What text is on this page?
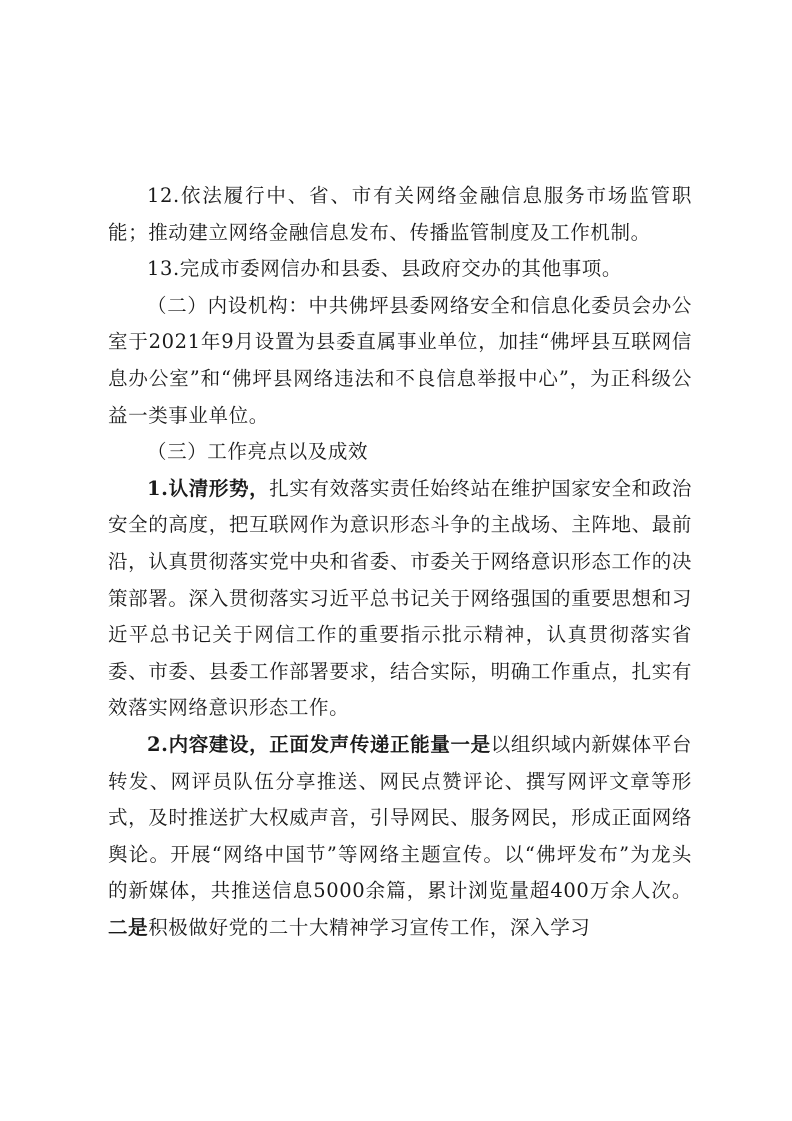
12.依法履行中、省、市有关网络金融信息服务市场监管职能；推动建立网络金融信息发布、传播监管制度及工作机制。

13.完成市委网信办和县委、县政府交办的其他事项。

（二）内设机构：中共佛坪县委网络安全和信息化委员会办公室于2021年9月设置为县委直属事业单位，加挂“佛坪县互联网信息办公室”和“佛坪县网络违法和不良信息举报中心”，为正科级公益一类事业单位。

（三）工作亮点以及成效

1.认清形势，扎实有效落实责任始终站在维护国家安全和政治安全的高度，把互联网作为意识形态斗争的主战场、主阵地、最前沿，认真贯彻落实党中央和省委、市委关于网络意识形态工作的决策部署。深入贯彻落实习近平总书记关于网络强国的重要思想和习近平总书记关于网信工作的重要指示批示精神，认真贯彻落实省委、市委、县委工作部署要求，结合实际，明确工作重点，扎实有效落实网络意识形态工作。

2.内容建设，正面发声传递正能量一是以组织域内新媒体平台转发、网评员队伍分享推送、网民点赞评论、撰写网评文章等形式，及时推送扩大权威声音，引导网民、服务网民，形成正面网络舆论。开展“网络中国节”等网络主题宣传。以“佛坪发布”为龙头的新媒体，共推送信息5000余篇，累计浏览量超400万余人次。二是积极做好党的二十大精神学习宣传工作，深入学习
